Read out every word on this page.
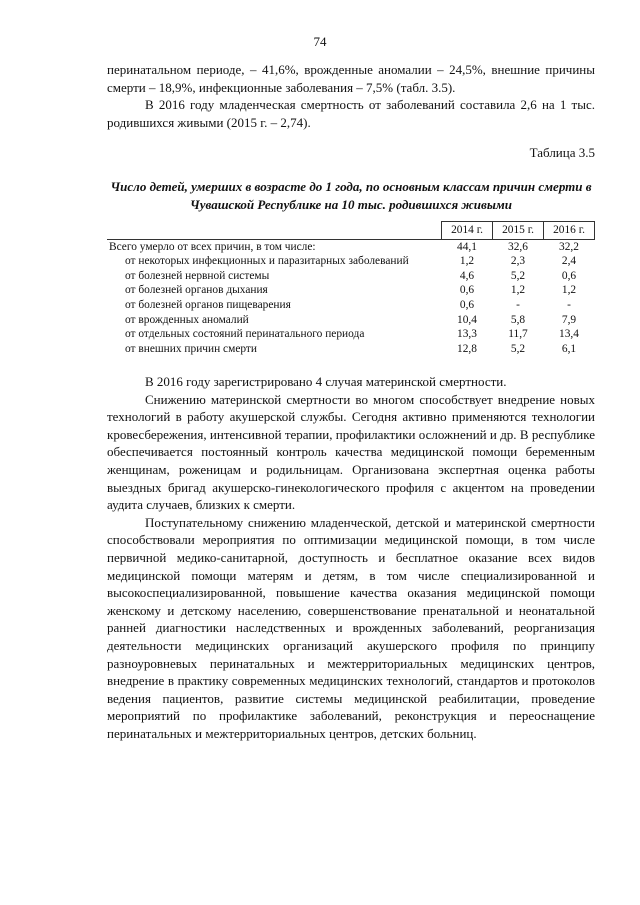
74

перинатальном периоде, – 41,6%, врожденные аномалии – 24,5%, внешние причины смерти – 18,9%, инфекционные заболевания – 7,5% (табл. 3.5).

В 2016 году младенческая смертность от заболеваний составила 2,6 на 1 тыс. родившихся живыми (2015 г. – 2,74).

Таблица 3.5
Число детей, умерших в возрасте до 1 года, по основным классам причин смерти в Чувашской Республике на 10 тыс. родившихся живыми
	2014 г.	2015 г.	2016 г.
Всего умерло от всех причин, в том числе:	44,1	32,6	32,2
от некоторых инфекционных и паразитарных заболеваний	1,2	2,3	2,4
от болезней нервной системы	4,6	5,2	0,6
от болезней органов дыхания	0,6	1,2	1,2
от болезней органов пищеварения	0,6	-	-
от врожденных аномалий	10,4	5,8	7,9
от отдельных состояний перинатального периода	13,3	11,7	13,4
от внешних причин смерти	12,8	5,2	6,1

В 2016 году зарегистрировано 4 случая материнской смертности.

Снижению материнской смертности во многом способствует внедрение новых технологий в работу акушерской службы. Сегодня активно применяются технологии кровесбережения, интенсивной терапии, профилактики осложнений и др. В республике обеспечивается постоянный контроль качества медицинской помощи беременным женщинам, роженицам и родильницам. Организована экспертная оценка работы выездных бригад акушерско-гинекологического профиля с акцентом на проведении аудита случаев, близких к смерти.

Поступательному снижению младенческой, детской и материнской смертности способствовали мероприятия по оптимизации медицинской помощи, в том числе первичной медико-санитарной, доступность и бесплатное оказание всех видов медицинской помощи матерям и детям, в том числе специализированной и высокоспециализированной, повышение качества оказания медицинской помощи женскому и детскому населению, совершенствование пренатальной и неонатальной ранней диагностики наследственных и врожденных заболеваний, реорганизация деятельности медицинских организаций акушерского профиля по принципу разноуровневых перинатальных и межтерриториальных медицинских центров, внедрение в практику современных медицинских технологий, стандартов и протоколов ведения пациентов, развитие системы медицинской реабилитации, проведение мероприятий по профилактике заболеваний, реконструкция и переоснащение перинатальных и межтерриториальных центров, детских больниц.
